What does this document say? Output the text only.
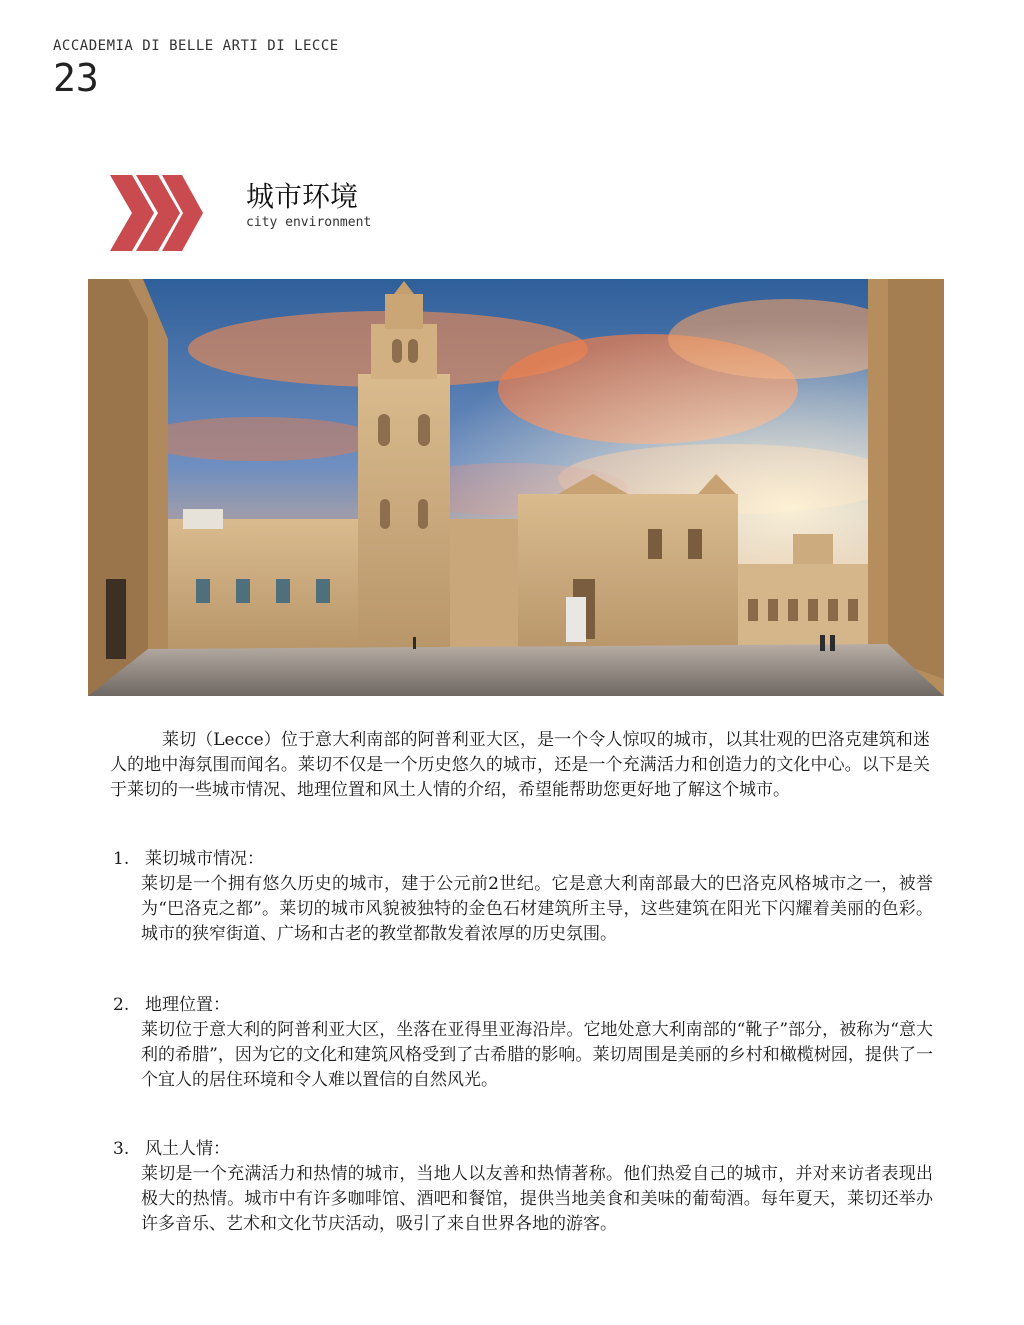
ACCADEMIA DI BELLE ARTI DI LECCE
23
城市环境
city environment

莱切（Lecce）位于意大利南部的阿普利亚大区，是一个令人惊叹的城市，以其壮观的巴洛克建筑和迷人的地中海氛围而闻名。莱切不仅是一个历史悠久的城市，还是一个充满活力和创造力的文化中心。以下是关于莱切的一些城市情况、地理位置和风土人情的介绍，希望能帮助您更好地了解这个城市。

1. 莱切城市情况：
莱切是一个拥有悠久历史的城市，建于公元前2世纪。它是意大利南部最大的巴洛克风格城市之一，被誉为“巴洛克之都”。莱切的城市风貌被独特的金色石材建筑所主导，这些建筑在阳光下闪耀着美丽的色彩。城市的狭窄街道、广场和古老的教堂都散发着浓厚的历史氛围。
2. 地理位置：
莱切位于意大利的阿普利亚大区，坐落在亚得里亚海沿岸。它地处意大利南部的“靴子”部分，被称为“意大利的希腊”，因为它的文化和建筑风格受到了古希腊的影响。莱切周围是美丽的乡村和橄榄树园，提供了一个宜人的居住环境和令人难以置信的自然风光。
3. 风土人情：
莱切是一个充满活力和热情的城市，当地人以友善和热情著称。他们热爱自己的城市，并对来访者表现出极大的热情。城市中有许多咖啡馆、酒吧和餐馆，提供当地美食和美味的葡萄酒。每年夏天，莱切还举办许多音乐、艺术和文化节庆活动，吸引了来自世界各地的游客。
